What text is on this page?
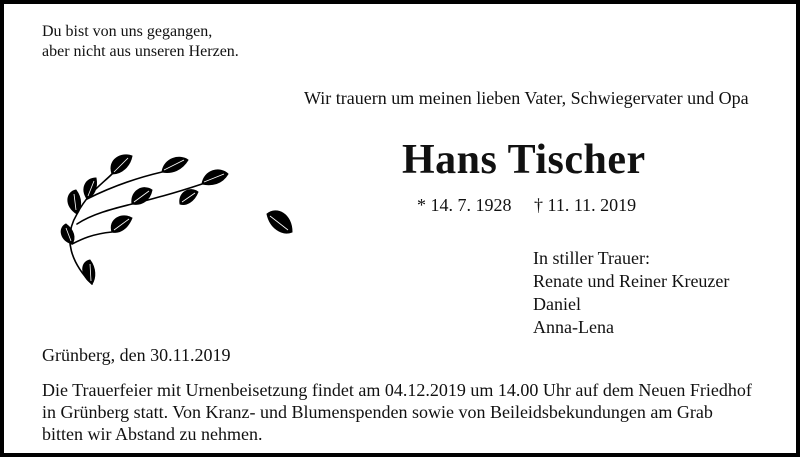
Du bist von uns gegangen,
aber nicht aus unseren Herzen.
Wir trauern um meinen lieben Vater, Schwiegervater und Opa
Hans Tischer
* 14. 7. 1928 † 11. 11. 2019
In stiller Trauer:
Renate und Reiner Kreuzer
Daniel
Anna-Lena
Grünberg, den 30.11.2019
Die Trauerfeier mit Urnenbeisetzung findet am 04.12.2019 um 14.00 Uhr auf dem Neuen Friedhof
in Grünberg statt. Von Kranz- und Blumenspenden sowie von Beileidsbekundungen am Grab
bitten wir Abstand zu nehmen.
